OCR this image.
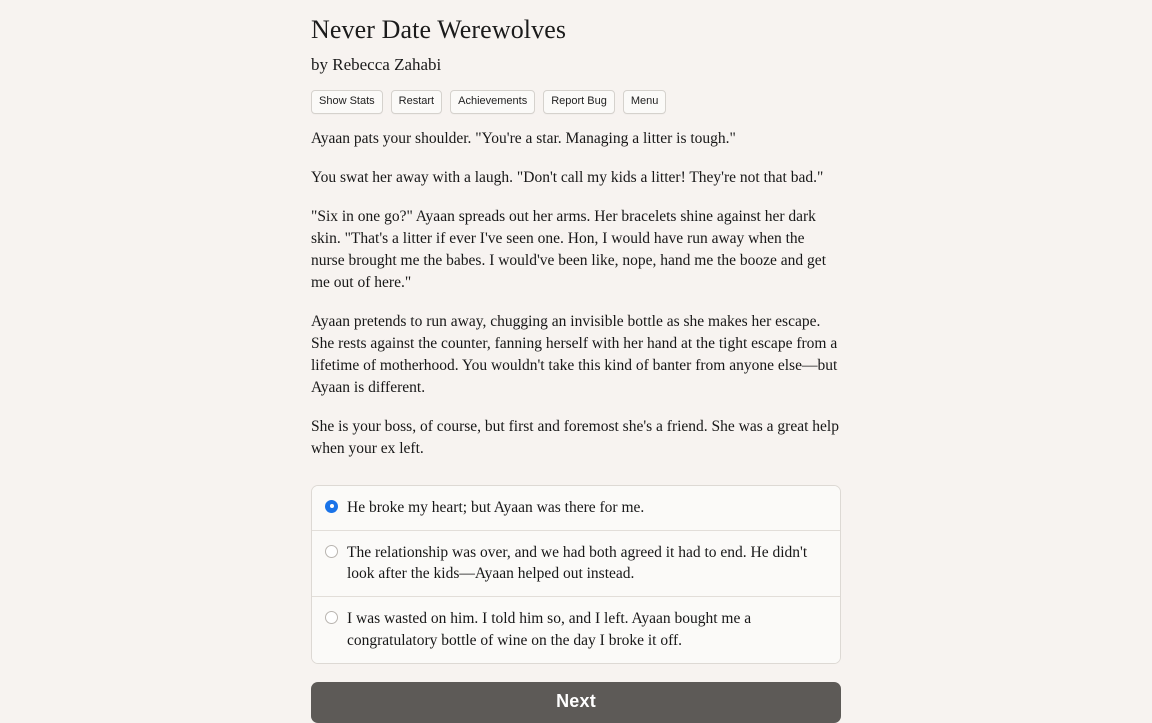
Never Date Werewolves
by Rebecca Zahabi
Show Stats	Restart	Achievements	Report Bug	Menu

Ayaan pats your shoulder. "You're a star. Managing a litter is tough."

You swat her away with a laugh. "Don't call my kids a litter! They're not that bad."

"Six in one go?" Ayaan spreads out her arms. Her bracelets shine against her dark skin. "That's a litter if ever I've seen one. Hon, I would have run away when the nurse brought me the babes. I would've been like, nope, hand me the booze and get me out of here."

Ayaan pretends to run away, chugging an invisible bottle as she makes her escape. She rests against the counter, fanning herself with her hand at the tight escape from a lifetime of motherhood. You wouldn't take this kind of banter from anyone else—but Ayaan is different.

She is your boss, of course, but first and foremost she's a friend. She was a great help when your ex left.

He broke my heart; but Ayaan was there for me.
The relationship was over, and we had both agreed it had to end. He didn't look after the kids—Ayaan helped out instead.
I was wasted on him. I told him so, and I left. Ayaan bought me a congratulatory bottle of wine on the day I broke it off.
Next
